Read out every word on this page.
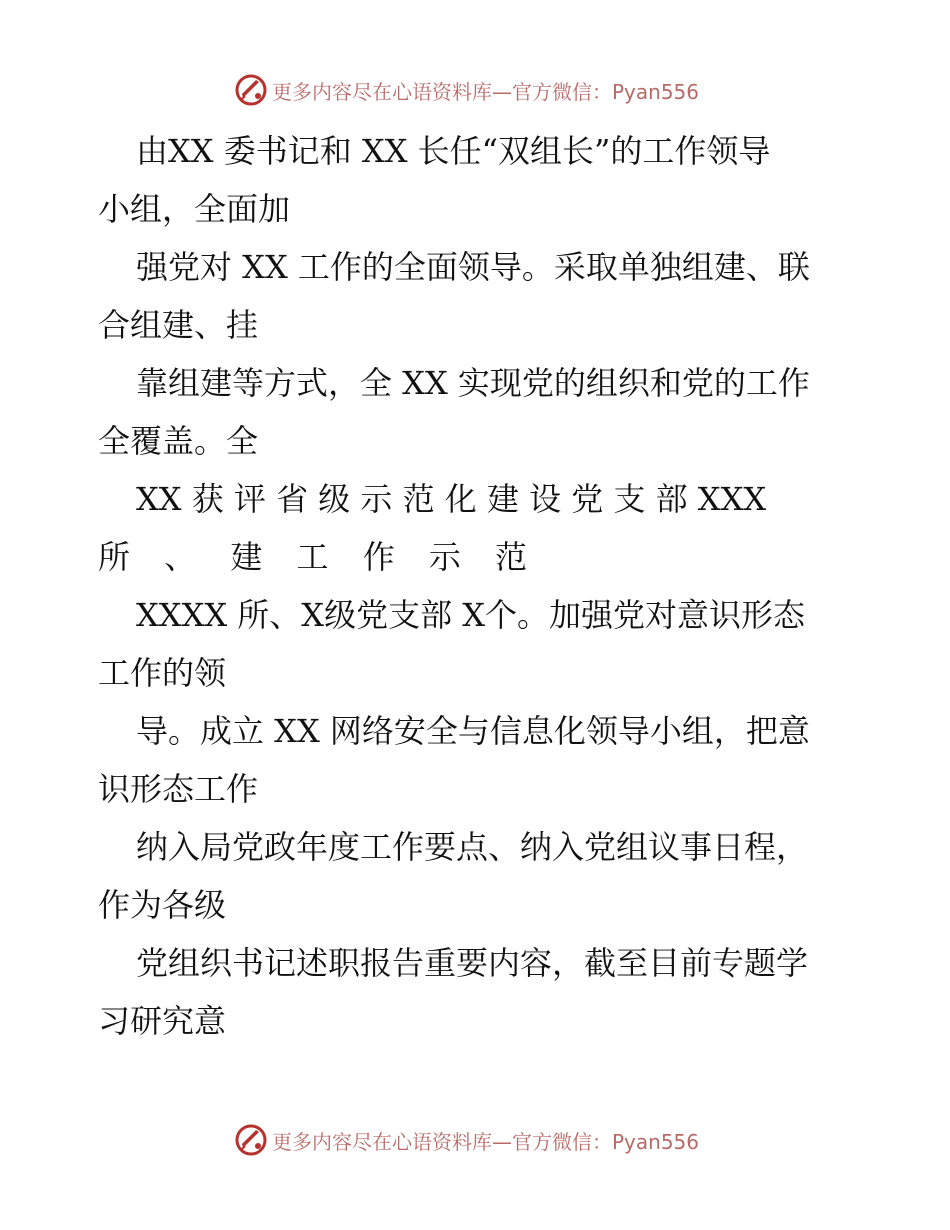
更多内容尽在心语资料库—官方微信：Pyan556

由XX 委书记和 XX 长任“双组长”的工作领导

小组，全面加

强党对 XX 工作的全面领导。采取单独组建、联

合组建、挂

靠组建等方式，全 XX 实现党的组织和党的工作

全覆盖。全

XX 获 评 省 级 示 范 化 建 设 党 支 部 XXX

所 、 建 工 作 示 范

XXXX 所、X级党支部 X个。加强党对意识形态

工作的领

导。成立 XX 网络安全与信息化领导小组，把意

识形态工作

纳入局党政年度工作要点、纳入党组议事日程，

作为各级

党组织书记述职报告重要内容，截至目前专题学

习研究意

更多内容尽在心语资料库—官方微信：Pyan556
